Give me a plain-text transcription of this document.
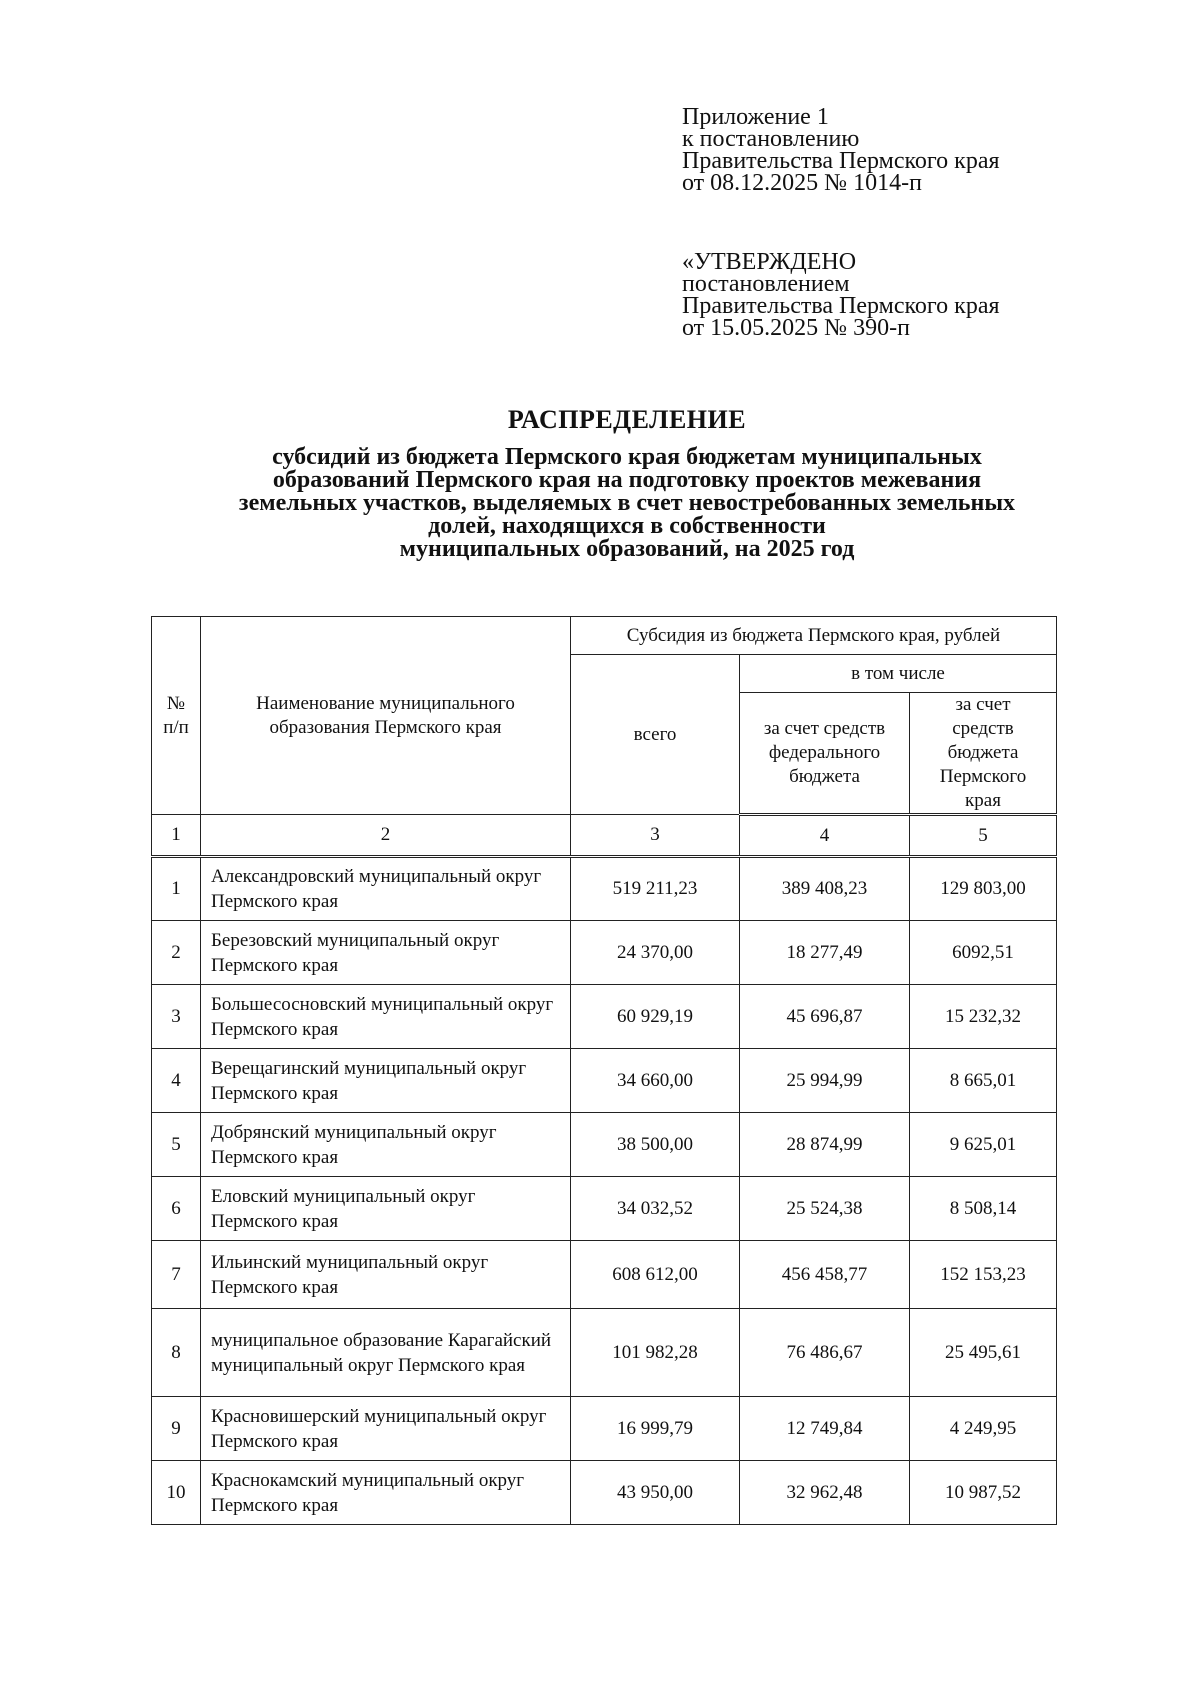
Приложение 1
к постановлению
Правительства Пермского края
от 08.12.2025 № 1014-п
«УТВЕРЖДЕНО
постановлением
Правительства Пермского края
от 15.05.2025 № 390-п
РАСПРЕДЕЛЕНИЕ
субсидий из бюджета Пермского края бюджетам муниципальных
образований Пермского края на подготовку проектов межевания
земельных участков, выделяемых в счет невостребованных земельных
долей, находящихся в собственности
муниципальных образований, на 2025 год
№ п/п	Наименование муниципального образования Пермского края	Субсидия из бюджета Пермского края, рублей		
		всего	в том числе	
			за счет средств федерального бюджета	за счет средств бюджета Пермского края
1	2	3	4	5
1	Александровский муниципальный округ Пермского края	519 211,23	389 408,23	129 803,00
2	Березовский муниципальный округ Пермского края	24 370,00	18 277,49	6092,51
3	Большесосновский муниципальный округ Пермского края	60 929,19	45 696,87	15 232,32
4	Верещагинский муниципальный округ Пермского края	34 660,00	25 994,99	8 665,01
5	Добрянский муниципальный округ Пермского края	38 500,00	28 874,99	9 625,01
6	Еловский муниципальный округ Пермского края	34 032,52	25 524,38	8 508,14
7	Ильинский муниципальный округ Пермского края	608 612,00	456 458,77	152 153,23
8	муниципальное образование Карагайский муниципальный округ Пермского края	101 982,28	76 486,67	25 495,61
9	Красновишерский муниципальный округ Пермского края	16 999,79	12 749,84	4 249,95
10	Краснокамский муниципальный округ Пермского края	43 950,00	32 962,48	10 987,52
